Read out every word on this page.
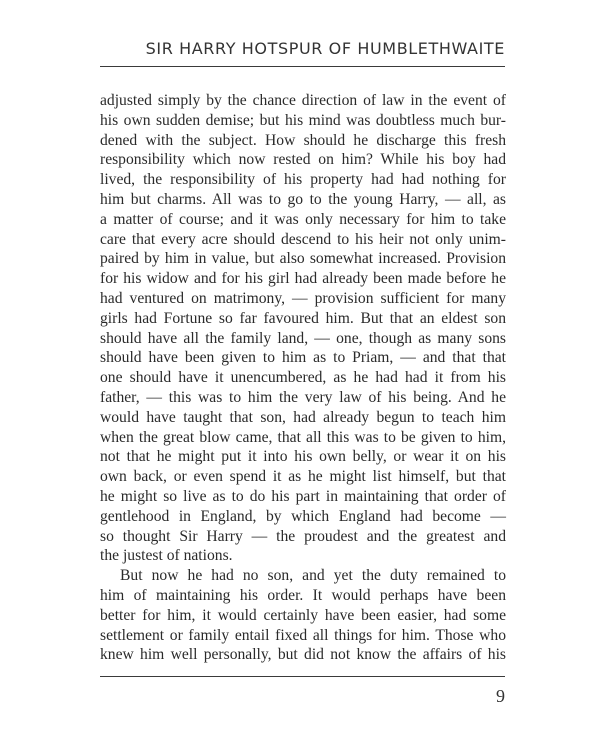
SIR HARRY HOTSPUR OF HUMBLETHWAITE
adjusted simply by the chance direction of law in the event of
his own sudden demise; but his mind was doubtless much bur-
dened with the subject. How should he discharge this fresh
responsibility which now rested on him? While his boy had
lived, the responsibility of his property had had nothing for
him but charms. All was to go to the young Harry, — all, as
a matter of course; and it was only necessary for him to take
care that every acre should descend to his heir not only unim-
paired by him in value, but also somewhat increased. Provision
for his widow and for his girl had already been made before he
had ventured on matrimony, — provision sufficient for many
girls had Fortune so far favoured him. But that an eldest son
should have all the family land, — one, though as many sons
should have been given to him as to Priam, — and that that
one should have it unencumbered, as he had had it from his
father, — this was to him the very law of his being. And he
would have taught that son, had already begun to teach him
when the great blow came, that all this was to be given to him,
not that he might put it into his own belly, or wear it on his
own back, or even spend it as he might list himself, but that
he might so live as to do his part in maintaining that order of
gentlehood in England, by which England had become —
so thought Sir Harry — the proudest and the greatest and
the justest of nations.
But now he had no son, and yet the duty remained to
him of maintaining his order. It would perhaps have been
better for him, it would certainly have been easier, had some
settlement or family entail fixed all things for him. Those who
knew him well personally, but did not know the affairs of his
9
